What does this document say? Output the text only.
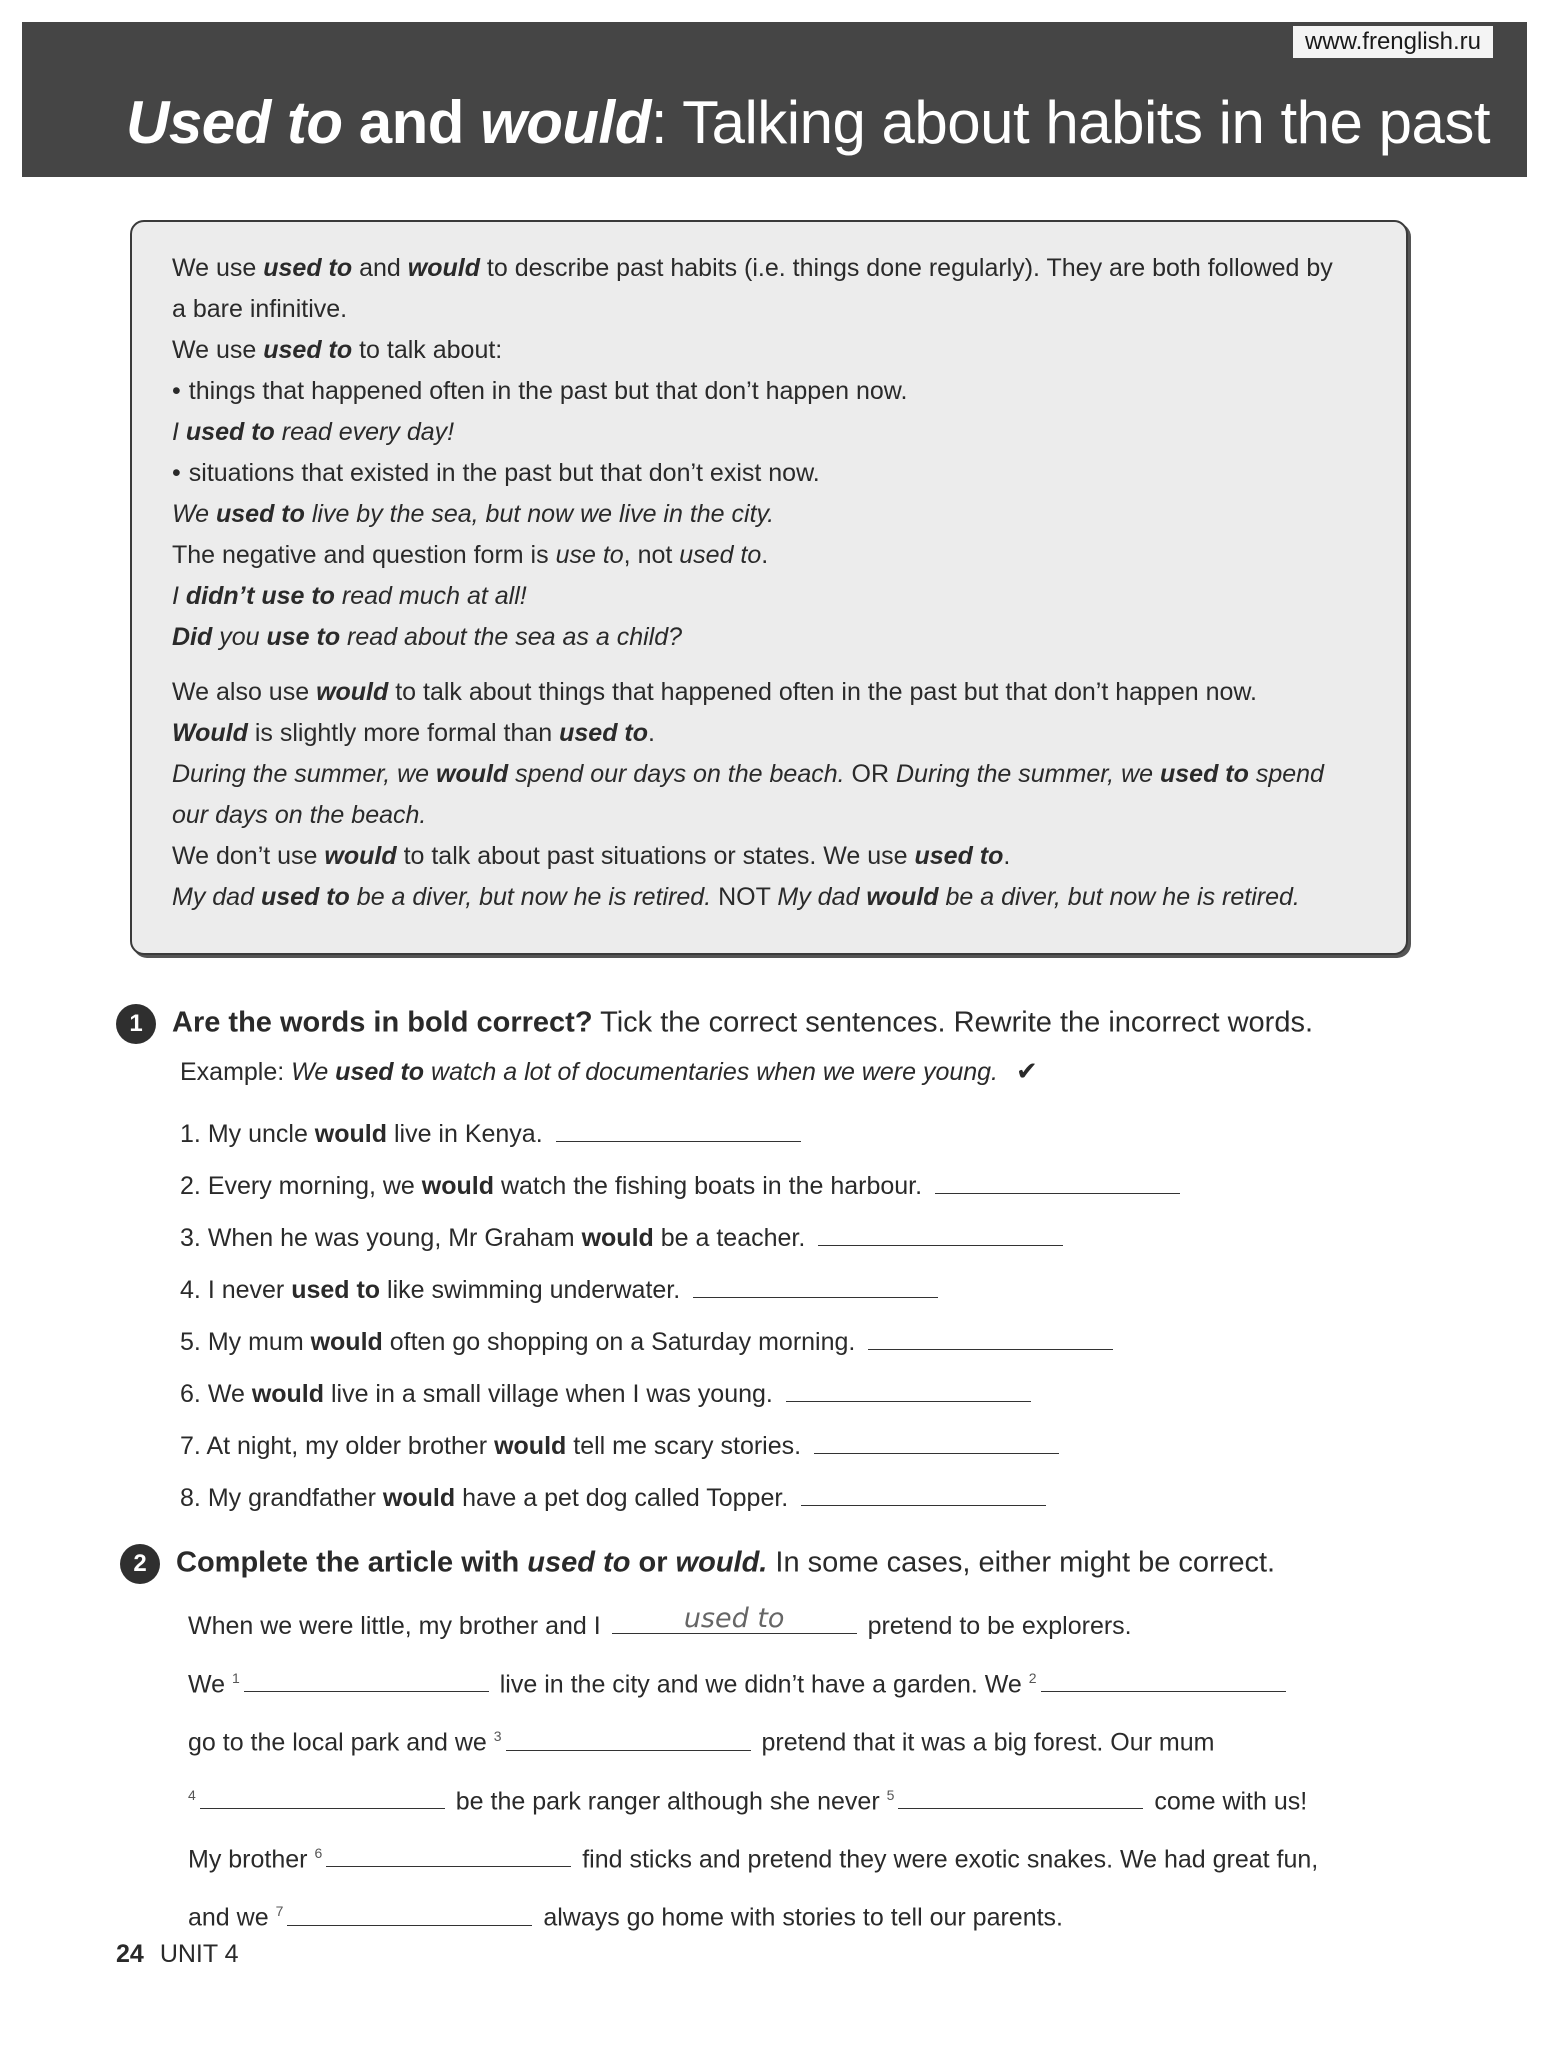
www.frenglish.ru
Used to and would: Talking about habits in the past

We use used to and would to describe past habits (i.e. things done regularly). They are both followed by

a bare infinitive.

We use used to to talk about:

• things that happened often in the past but that don’t happen now.

I used to read every day!

• situations that existed in the past but that don’t exist now.

We used to live by the sea, but now we live in the city.

The negative and question form is use to, not used to.

I didn’t use to read much at all!

Did you use to read about the sea as a child?

We also use would to talk about things that happened often in the past but that don’t happen now.

Would is slightly more formal than used to.

During the summer, we would spend our days on the beach. OR During the summer, we used to spend

our days on the beach.

We don’t use would to talk about past situations or states. We use used to.

My dad used to be a diver, but now he is retired. NOT My dad would be a diver, but now he is retired.

1 Are the words in bold correct? Tick the correct sentences. Rewrite the incorrect words.
Example: We used to watch a lot of documentaries when we were young. ✔
1. My uncle would live in Kenya.
2. Every morning, we would watch the fishing boats in the harbour.
3. When he was young, Mr Graham would be a teacher.
4. I never used to like swimming underwater.
5. My mum would often go shopping on a Saturday morning.
6. We would live in a small village when I was young.
7. At night, my older brother would tell me scary stories.
8. My grandfather would have a pet dog called Topper.
2 Complete the article with used to or would. In some cases, either might be correct.

When we were little, my brother and I	used to	pretend to be explorers.

We $^1$	live in the city and we didn’t have a garden. We $^2$

go to the local park and we $^3$	pretend that it was a big forest. Our mum

$^4$	be the park ranger although she never $^5$	come with us!

My brother $^6$	find sticks and pretend they were exotic snakes. We had great fun,

and we $^7$	always go home with stories to tell our parents.

24 UNIT 4
